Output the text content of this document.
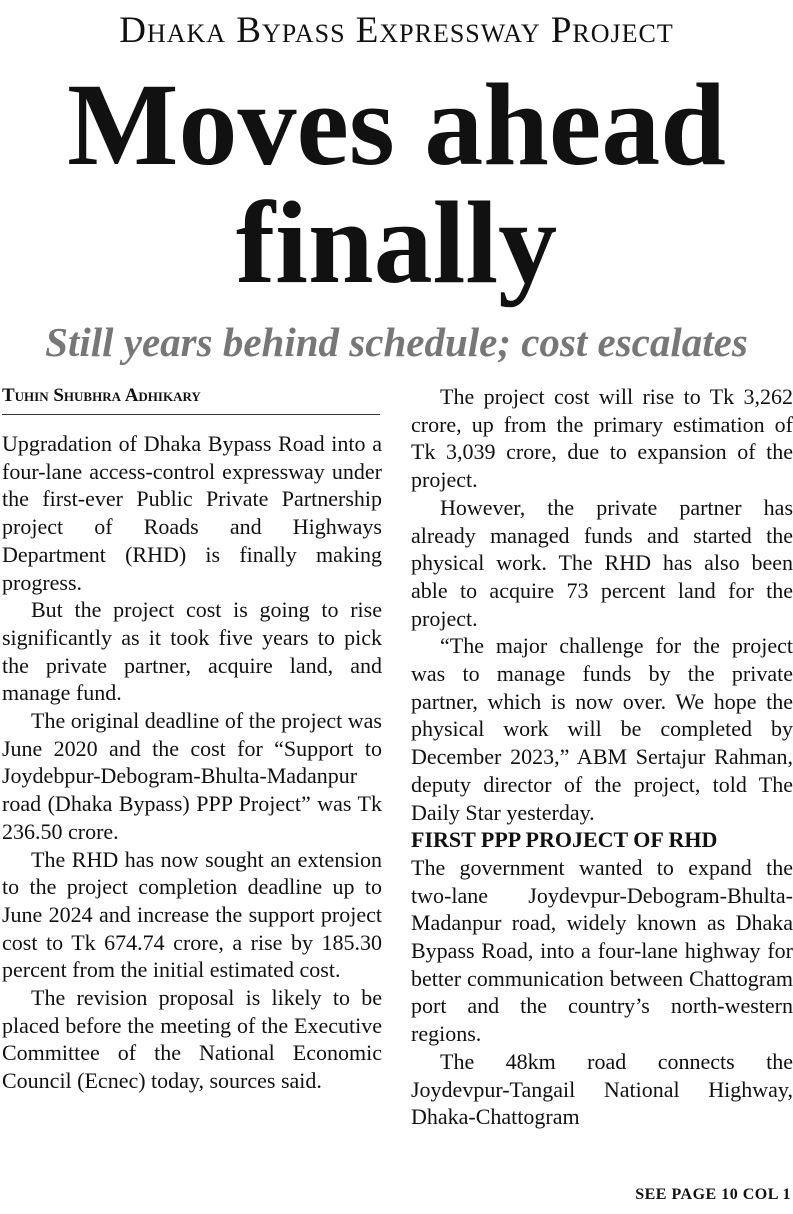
Dhaka Bypass Expressway Project
Moves ahead
finally
Still years behind schedule; cost escalates
Tuhin Shubhra Adhikary

Upgradation of Dhaka Bypass Road into a four-lane access-control expressway under the first-ever Public Private Partnership project of Roads and Highways Department (RHD) is finally making progress.

But the project cost is going to rise significantly as it took five years to pick the private partner, acquire land, and manage fund.

The original deadline of the project was June 2020 and the cost for “Support to Joydebpur-Debogram-Bhulta-Madanpur road (Dhaka Bypass) PPP Project” was Tk 236.50 crore.

The RHD has now sought an extension to the project completion deadline up to June 2024 and increase the support project cost to Tk 674.74 crore, a rise by 185.30 percent from the initial estimated cost.

The revision proposal is likely to be placed before the meeting of the Executive Committee of the National Economic Council (Ecnec) today, sources said.

The project cost will rise to Tk 3,262 crore, up from the primary estimation of Tk 3,039 crore, due to expansion of the project.

However, the private partner has already managed funds and started the physical work. The RHD has also been able to acquire 73 percent land for the project.

“The major challenge for the project was to manage funds by the private partner, which is now over. We hope the physical work will be completed by December 2023,” ABM Sertajur Rahman, deputy director of the project, told The Daily Star yesterday.

FIRST PPP PROJECT OF RHD

The government wanted to expand the two-lane Joydevpur-Debogram-Bhulta-Madanpur road, widely known as Dhaka Bypass Road, into a four-lane highway for better communication between Chattogram port and the country’s north-western regions.

The 48km road connects the Joydevpur-Tangail National Highway, Dhaka-Chattogram

SEE PAGE 10 COL 1
